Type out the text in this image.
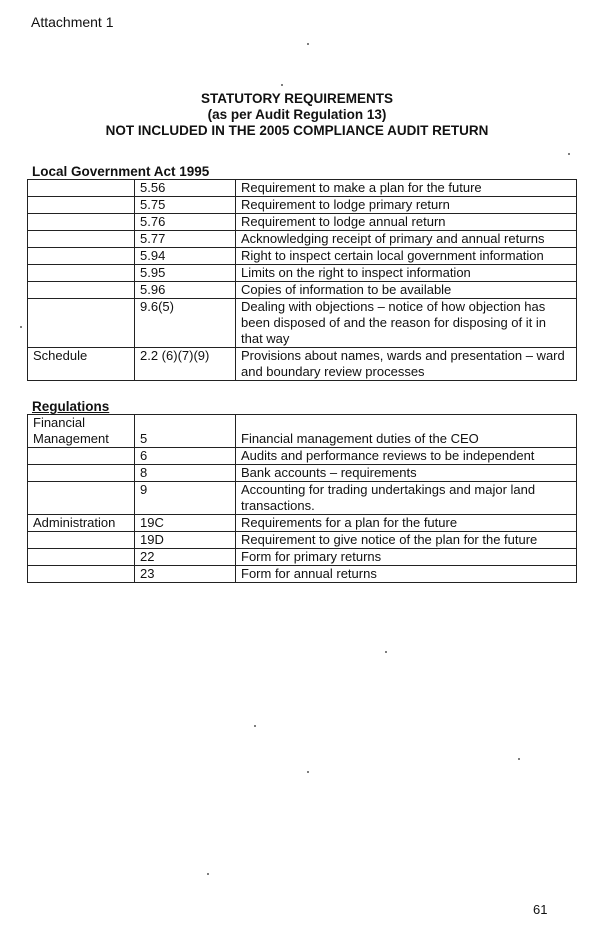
Attachment 1
STATUTORY REQUIREMENTS
(as per Audit Regulation 13)
NOT INCLUDED IN THE 2005 COMPLIANCE AUDIT RETURN
Local Government Act 1995
	5.56	Requirement to make a plan for the future
	5.75	Requirement to lodge primary return
	5.76	Requirement to lodge annual return
	5.77	Acknowledging receipt of primary and annual returns
	5.94	Right to inspect certain local government information
	5.95	Limits on the right to inspect information
	5.96	Copies of information to be available
	9.6(5)	Dealing with objections – notice of how objection has been disposed of and the reason for disposing of it in that way
Schedule	2.2 (6)(7)(9)	Provisions about names, wards and presentation – ward and boundary review processes
Regulations
Financial Management	5	Financial management duties of the CEO
	6	Audits and performance reviews to be independent
	8	Bank accounts – requirements
	9	Accounting for trading undertakings and major land transactions.
Administration	19C	Requirements for a plan for the future
	19D	Requirement to give notice of the plan for the future
	22	Form for primary returns
	23	Form for annual returns
61
